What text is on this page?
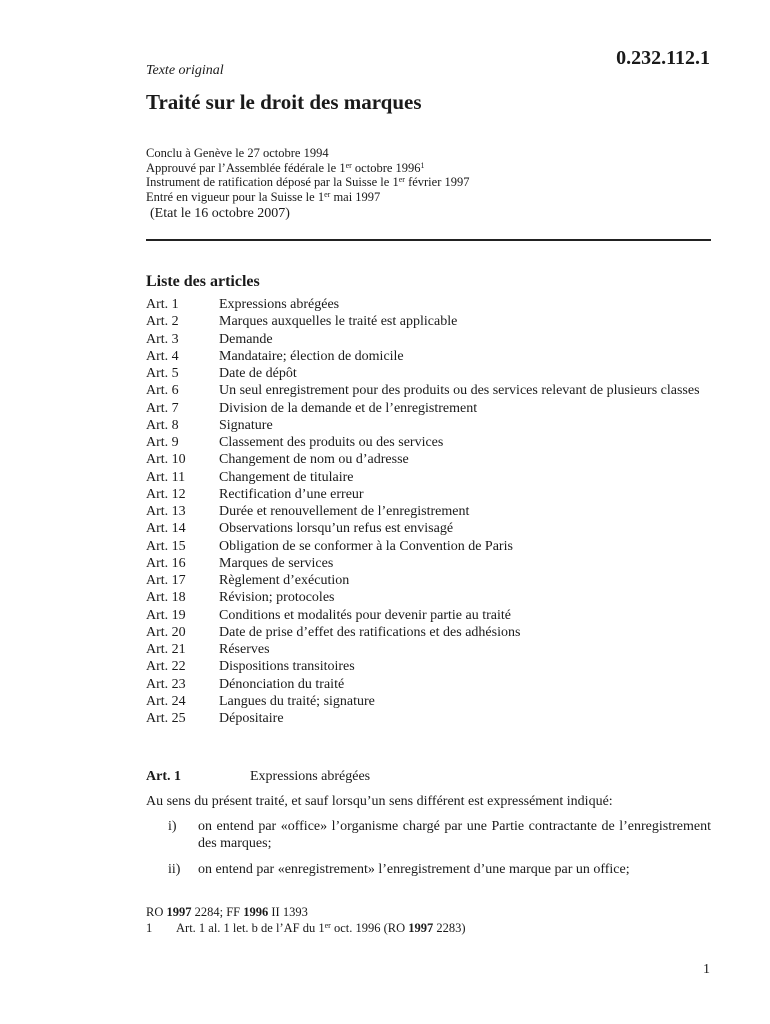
0.232.112.1
Texte original
Traité sur le droit des marques
Conclu à Genève le 27 octobre 1994
Approuvé par l’Assemblée fédérale le 1er octobre 1996$^1$
Instrument de ratification déposé par la Suisse le 1er février 1997
Entré en vigueur pour la Suisse le 1er mai 1997
(Etat le 16 octobre 2007)
Liste des articles
Art. 1	Expressions abrégées
Art. 2	Marques auxquelles le traité est applicable
Art. 3	Demande
Art. 4	Mandataire; élection de domicile
Art. 5	Date de dépôt
Art. 6	Un seul enregistrement pour des produits ou des services relevant de plusieurs classes
Art. 7	Division de la demande et de l’enregistrement
Art. 8	Signature
Art. 9	Classement des produits ou des services
Art. 10	Changement de nom ou d’adresse
Art. 11	Changement de titulaire
Art. 12	Rectification d’une erreur
Art. 13	Durée et renouvellement de l’enregistrement
Art. 14	Observations lorsqu’un refus est envisagé
Art. 15	Obligation de se conformer à la Convention de Paris
Art. 16	Marques de services
Art. 17	Règlement d’exécution
Art. 18	Révision; protocoles
Art. 19	Conditions et modalités pour devenir partie au traité
Art. 20	Date de prise d’effet des ratifications et des adhésions
Art. 21	Réserves
Art. 22	Dispositions transitoires
Art. 23	Dénonciation du traité
Art. 24	Langues du traité; signature
Art. 25	Dépositaire
Art. 1	Expressions abrégées
Au sens du présent traité, et sauf lorsqu’un sens différent est expressément indiqué:
i)	on entend par «office» l’organisme chargé par une Partie contractante de l’enregistrement des marques;
ii)	on entend par «enregistrement» l’enregistrement d’une marque par un office;
RO 1997 2284; FF 1996 II 1393
1 Art. 1 al. 1 let. b de l’AF du 1er oct. 1996 (RO 1997 2283)
1
